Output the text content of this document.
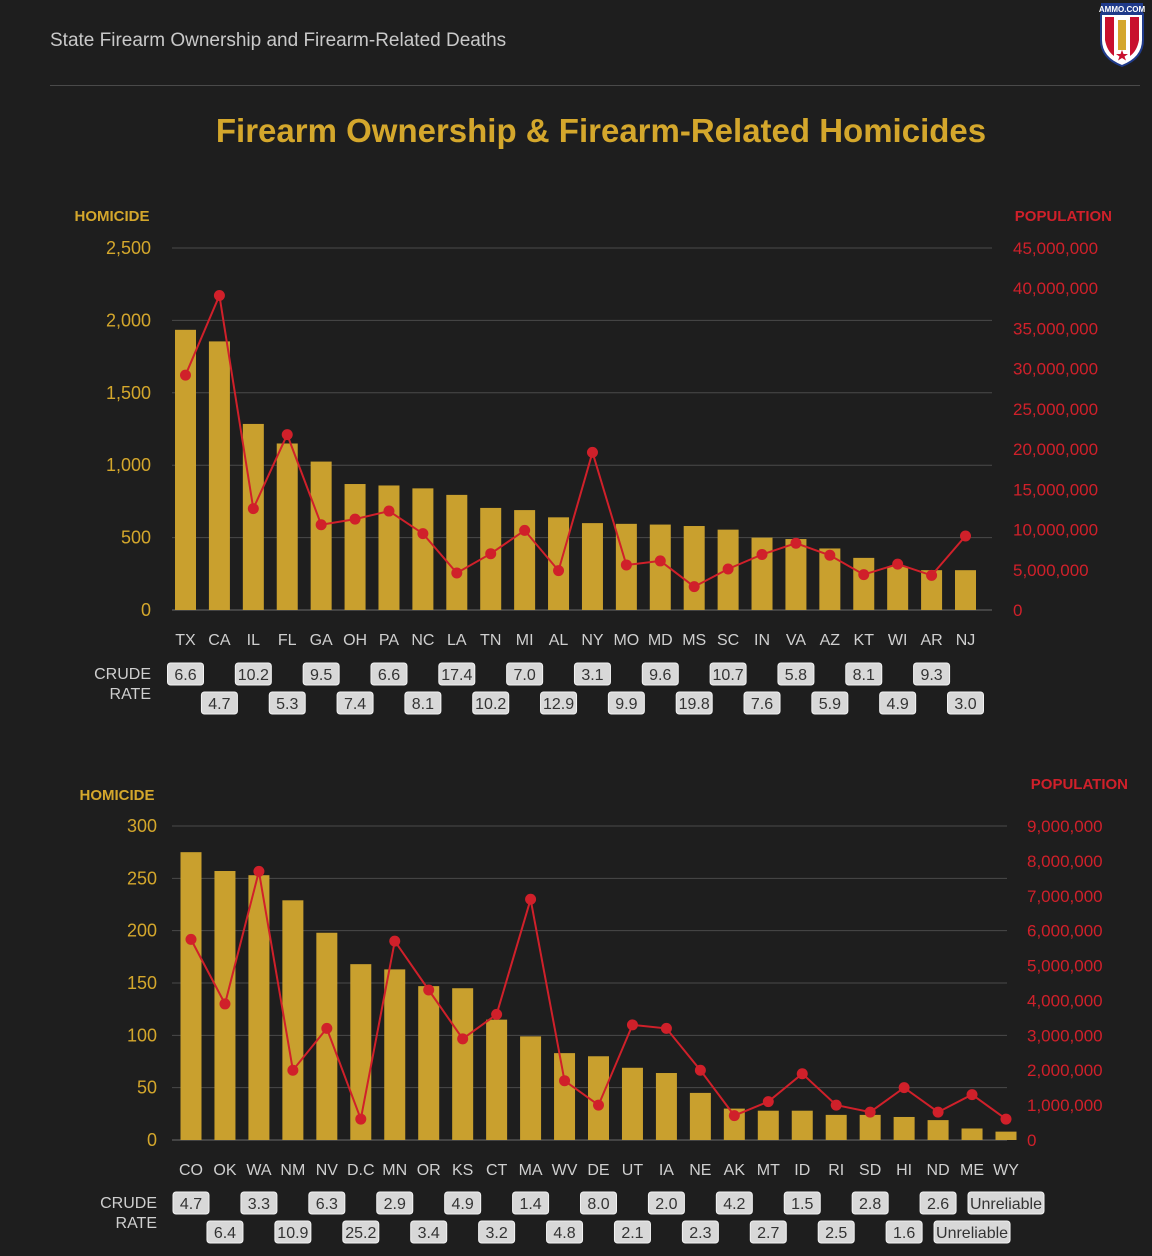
State Firearm Ownership and Firearm-Related Deaths
AMMO.COM
Firearm Ownership & Firearm-Related Homicides
HOMICIDE	POPULATION
2,500
2,000
1,500
1,000
500
0
45,000,000
40,000,000
35,000,000
30,000,000
25,000,000
20,000,000
15,000,000
10,000,000
5,000,000
0
TX CA IL FL GA OH PA NC LA TN MI AL NY MO MD MS SC IN VA AZ KT WI AR NJ
CRUDE
RATE
6.6
4.7
10.2
5.3
9.5
7.4
6.6
8.1
17.4
10.2
7.0
12.9
3.1
9.9
9.6
19.8
10.7
7.6
5.8
5.9
8.1
4.9
9.3
3.0
HOMICIDE
POPULATION
300
250
200
150
100
50
0
9,000,000
8,000,000
7,000,000
6,000,000
5,000,000
4,000,000
3,000,000
2,000,000
1,000,000
0
CO OK WA NM NV D.C MN OR KS CT MA WV DE UT IA NE AK MT ID RI SD HI ND ME WY
CRUDE
RATE
4.7
6.4
3.3
10.9
6.3
25.2
2.9
3.4
4.9
3.2
1.4
4.8
8.0
2.1
2.0
2.3
4.2
2.7
1.5
2.5
2.8
1.6
2.6
Unreliable
Unreliable
